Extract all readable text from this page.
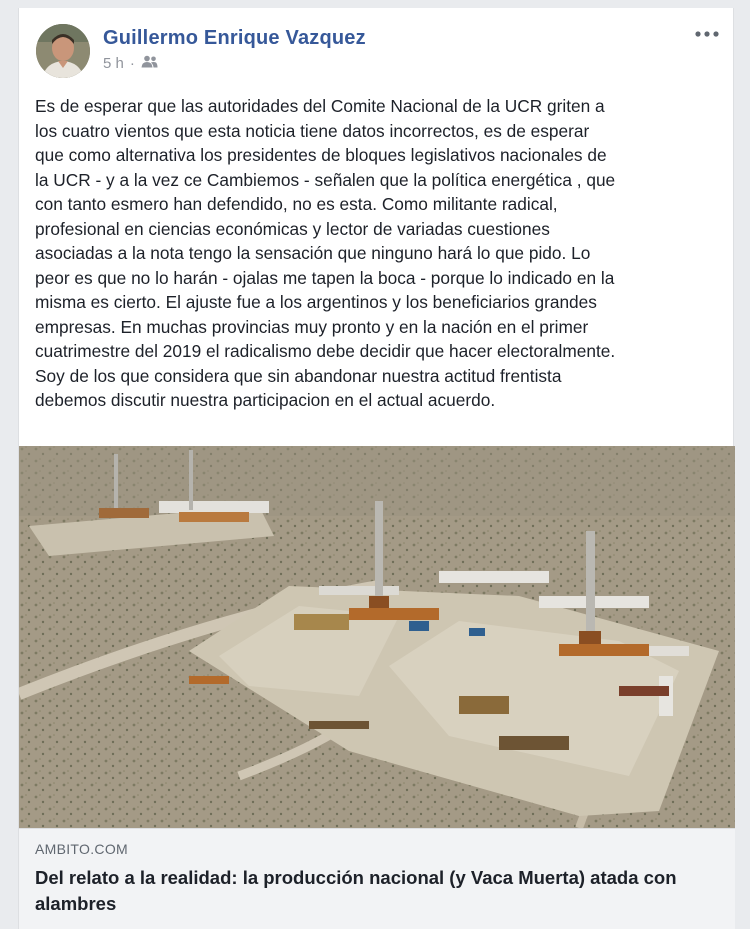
Guillermo Enrique Vazquez
5 h ·
Es de esperar que las autoridades del Comite Nacional de la UCR griten a
los cuatro vientos que esta noticia tiene datos incorrectos, es de esperar
que como alternativa los presidentes de bloques legislativos nacionales de
la UCR - y a la vez ce Cambiemos - señalen que la política energética , que
con tanto esmero han defendido, no es esta. Como militante radical,
profesional en ciencias económicas y lector de variadas cuestiones
asociadas a la nota tengo la sensación que ninguno hará lo que pido. Lo
peor es que no lo harán - ojalas me tapen la boca - porque lo indicado en la
misma es cierto. El ajuste fue a los argentinos y los beneficiarios grandes
empresas. En muchas provincias muy pronto y en la nación en el primer
cuatrimestre del 2019 el radicalismo debe decidir que hacer electoralmente.
Soy de los que considera que sin abandonar nuestra actitud frentista
debemos discutir nuestra participacion en el actual acuerdo.
AMBITO.COM
Del relato a la realidad: la producción nacional (y Vaca Muerta) atada con alambres
